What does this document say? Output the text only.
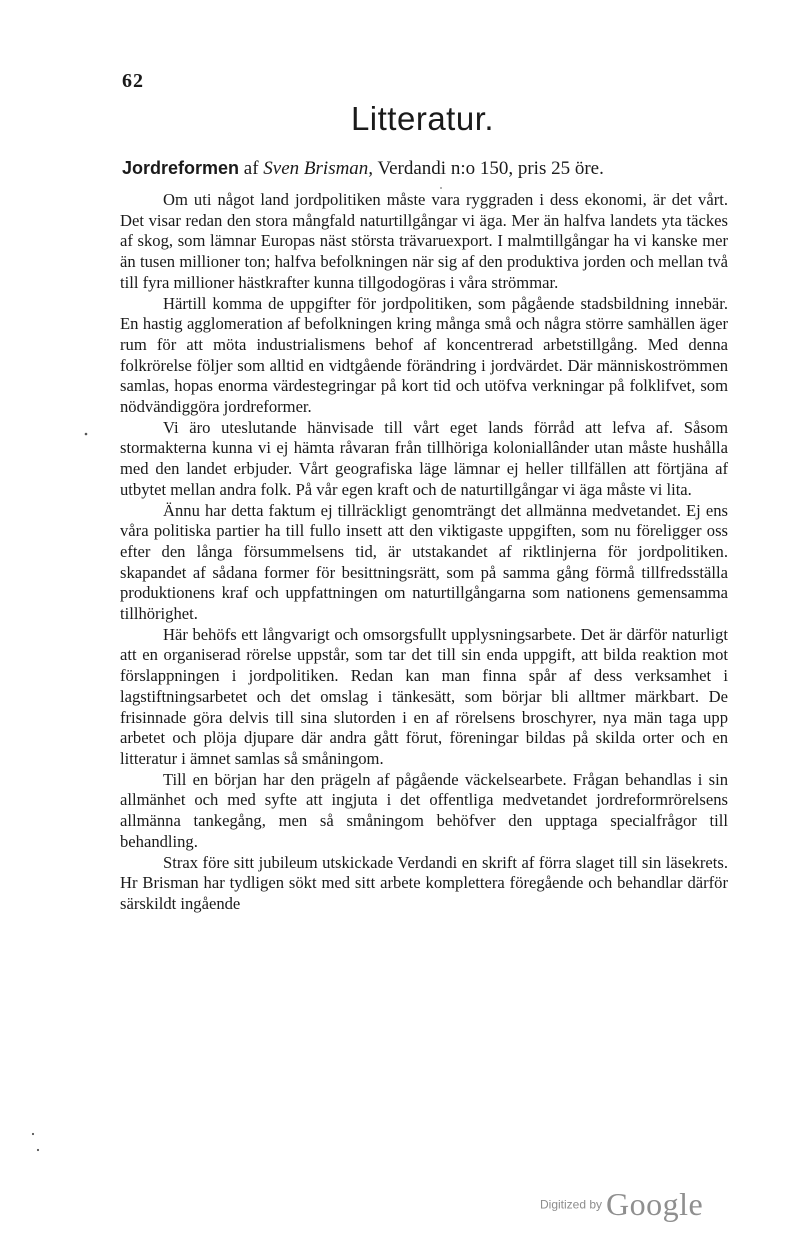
62
Litteratur.
Jordreformen af Sven Brisman, Verdandi n:o 150, pris 25 öre.

Om uti något land jordpolitiken måste vara ryggraden i dess ekonomi, är det vårt. Det visar redan den stora mångfald naturtillgångar vi äga. Mer än halfva landets yta täckes af skog, som lämnar Europas näst största trävaruexport. I malmtillgångar ha vi kanske mer än tusen millioner ton; halfva befolkningen när sig af den produktiva jorden och mellan två till fyra millioner hästkrafter kunna tillgodogöras i våra strömmar.

Härtill komma de uppgifter för jordpolitiken, som pågående stadsbildning innebär. En hastig agglomeration af befolkningen kring många små och några större samhällen äger rum för att möta industrialismens behof af koncentrerad arbetstillgång. Med denna folkrörelse följer som alltid en vidtgående förändring i jordvärdet. Där människoströmmen samlas, hopas enorma värdestegringar på kort tid och utöfva verkningar på folklifvet, som nödvändiggöra jordreformer.

Vi äro uteslutande hänvisade till vårt eget lands förråd att lefva af. Såsom stormakterna kunna vi ej hämta råvaran från tillhöriga koloniallânder utan måste hushålla med den landet erbjuder. Vårt geografiska läge lämnar ej heller tillfällen att förtjäna af utbytet mellan andra folk. På vår egen kraft och de naturtillgångar vi äga måste vi lita.

Ännu har detta faktum ej tillräckligt genomträngt det allmänna medvetandet. Ej ens våra politiska partier ha till fullo insett att den viktigaste uppgiften, som nu föreligger oss efter den långa försummelsens tid, är utstakandet af riktlinjerna för jordpolitiken. skapandet af sådana former för besittningsrätt, som på samma gång förmå tillfredsställa produktionens kraf och uppfattningen om naturtillgångarna som nationens gemensamma tillhörighet.

Här behöfs ett långvarigt och omsorgsfullt upplysningsarbete. Det är därför naturligt att en organiserad rörelse uppstår, som tar det till sin enda uppgift, att bilda reaktion mot förslappningen i jordpolitiken. Redan kan man finna spår af dess verksamhet i lagstiftningsarbetet och det omslag i tänkesätt, som börjar bli alltmer märkbart. De frisinnade göra delvis till sina slutorden i en af rörelsens broschyrer, nya män taga upp arbetet och plöja djupare där andra gått förut, föreningar bildas på skilda orter och en litteratur i ämnet samlas så småningom.

Till en början har den prägeln af pågående väckelsearbete. Frågan behandlas i sin allmänhet och med syfte att ingjuta i det offentliga medvetandet jordreformrörelsens allmänna tankegång, men så småningom behöfver den upptaga specialfrågor till behandling.

Strax före sitt jubileum utskickade Verdandi en skrift af förra slaget till sin läsekrets. Hr Brisman har tydligen sökt med sitt arbete komplettera föregående och behandlar därför särskildt ingående

Digitized by Google
